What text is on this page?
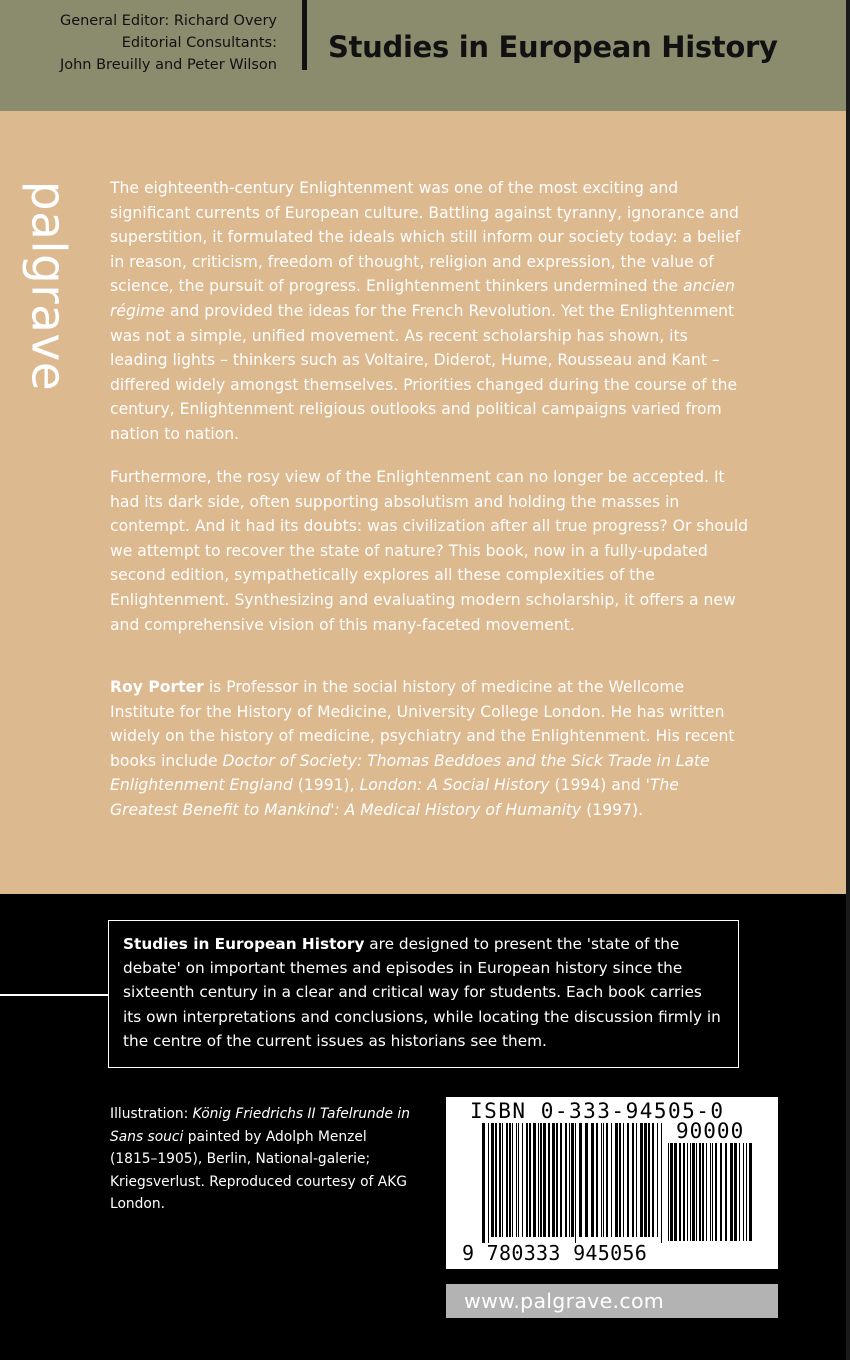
General Editor: Richard Overy
Editorial Consultants:
John Breuilly and Peter Wilson
Studies in European History
palgrave The eighteenth-century Enlightenment was one of the most exciting and significant currents of European culture. Battling against tyranny, ignorance and superstition, it formulated the ideals which still inform our society today: a belief in reason, criticism, freedom of thought, religion and expression, the value of science, the pursuit of progress. Enlightenment thinkers undermined the ancien régime and provided the ideas for the French Revolution. Yet the Enlightenment was not a simple, unified movement. As recent scholarship has shown, its leading lights – thinkers such as Voltaire, Diderot, Hume, Rousseau and Kant – differed widely amongst themselves. Priorities changed during the course of the century, Enlightenment religious outlooks and political campaigns varied from nation to nation.
Furthermore, the rosy view of the Enlightenment can no longer be accepted. It had its dark side, often supporting absolutism and holding the masses in contempt. And it had its doubts: was civilization after all true progress? Or should we attempt to recover the state of nature? This book, now in a fully-updated second edition, sympathetically explores all these complexities of the Enlightenment. Synthesizing and evaluating modern scholarship, it offers a new and comprehensive vision of this many-faceted movement.
Roy Porter is Professor in the social history of medicine at the Wellcome Institute for the History of Medicine, University College London. He has written widely on the history of medicine, psychiatry and the Enlightenment. His recent books include Doctor of Society: Thomas Beddoes and the Sick Trade in Late Enlightenment England (1991), London: A Social History (1994) and 'The Greatest Benefit to Mankind': A Medical History of Humanity (1997).
Studies in European History are designed to present the 'state of the debate' on important themes and episodes in European history since the sixteenth century in a clear and critical way for students. Each book carries its own interpretations and conclusions, while locating the discussion firmly in the centre of the current issues as historians see them.
Illustration: König Friedrichs II Tafelrunde in Sans souci painted by Adolph Menzel (1815–1905), Berlin, National-galerie; Kriegsverlust. Reproduced courtesy of AKG London.
ISBN 0-333-94505-0
90000
9 780333 945056
www.palgrave.com
